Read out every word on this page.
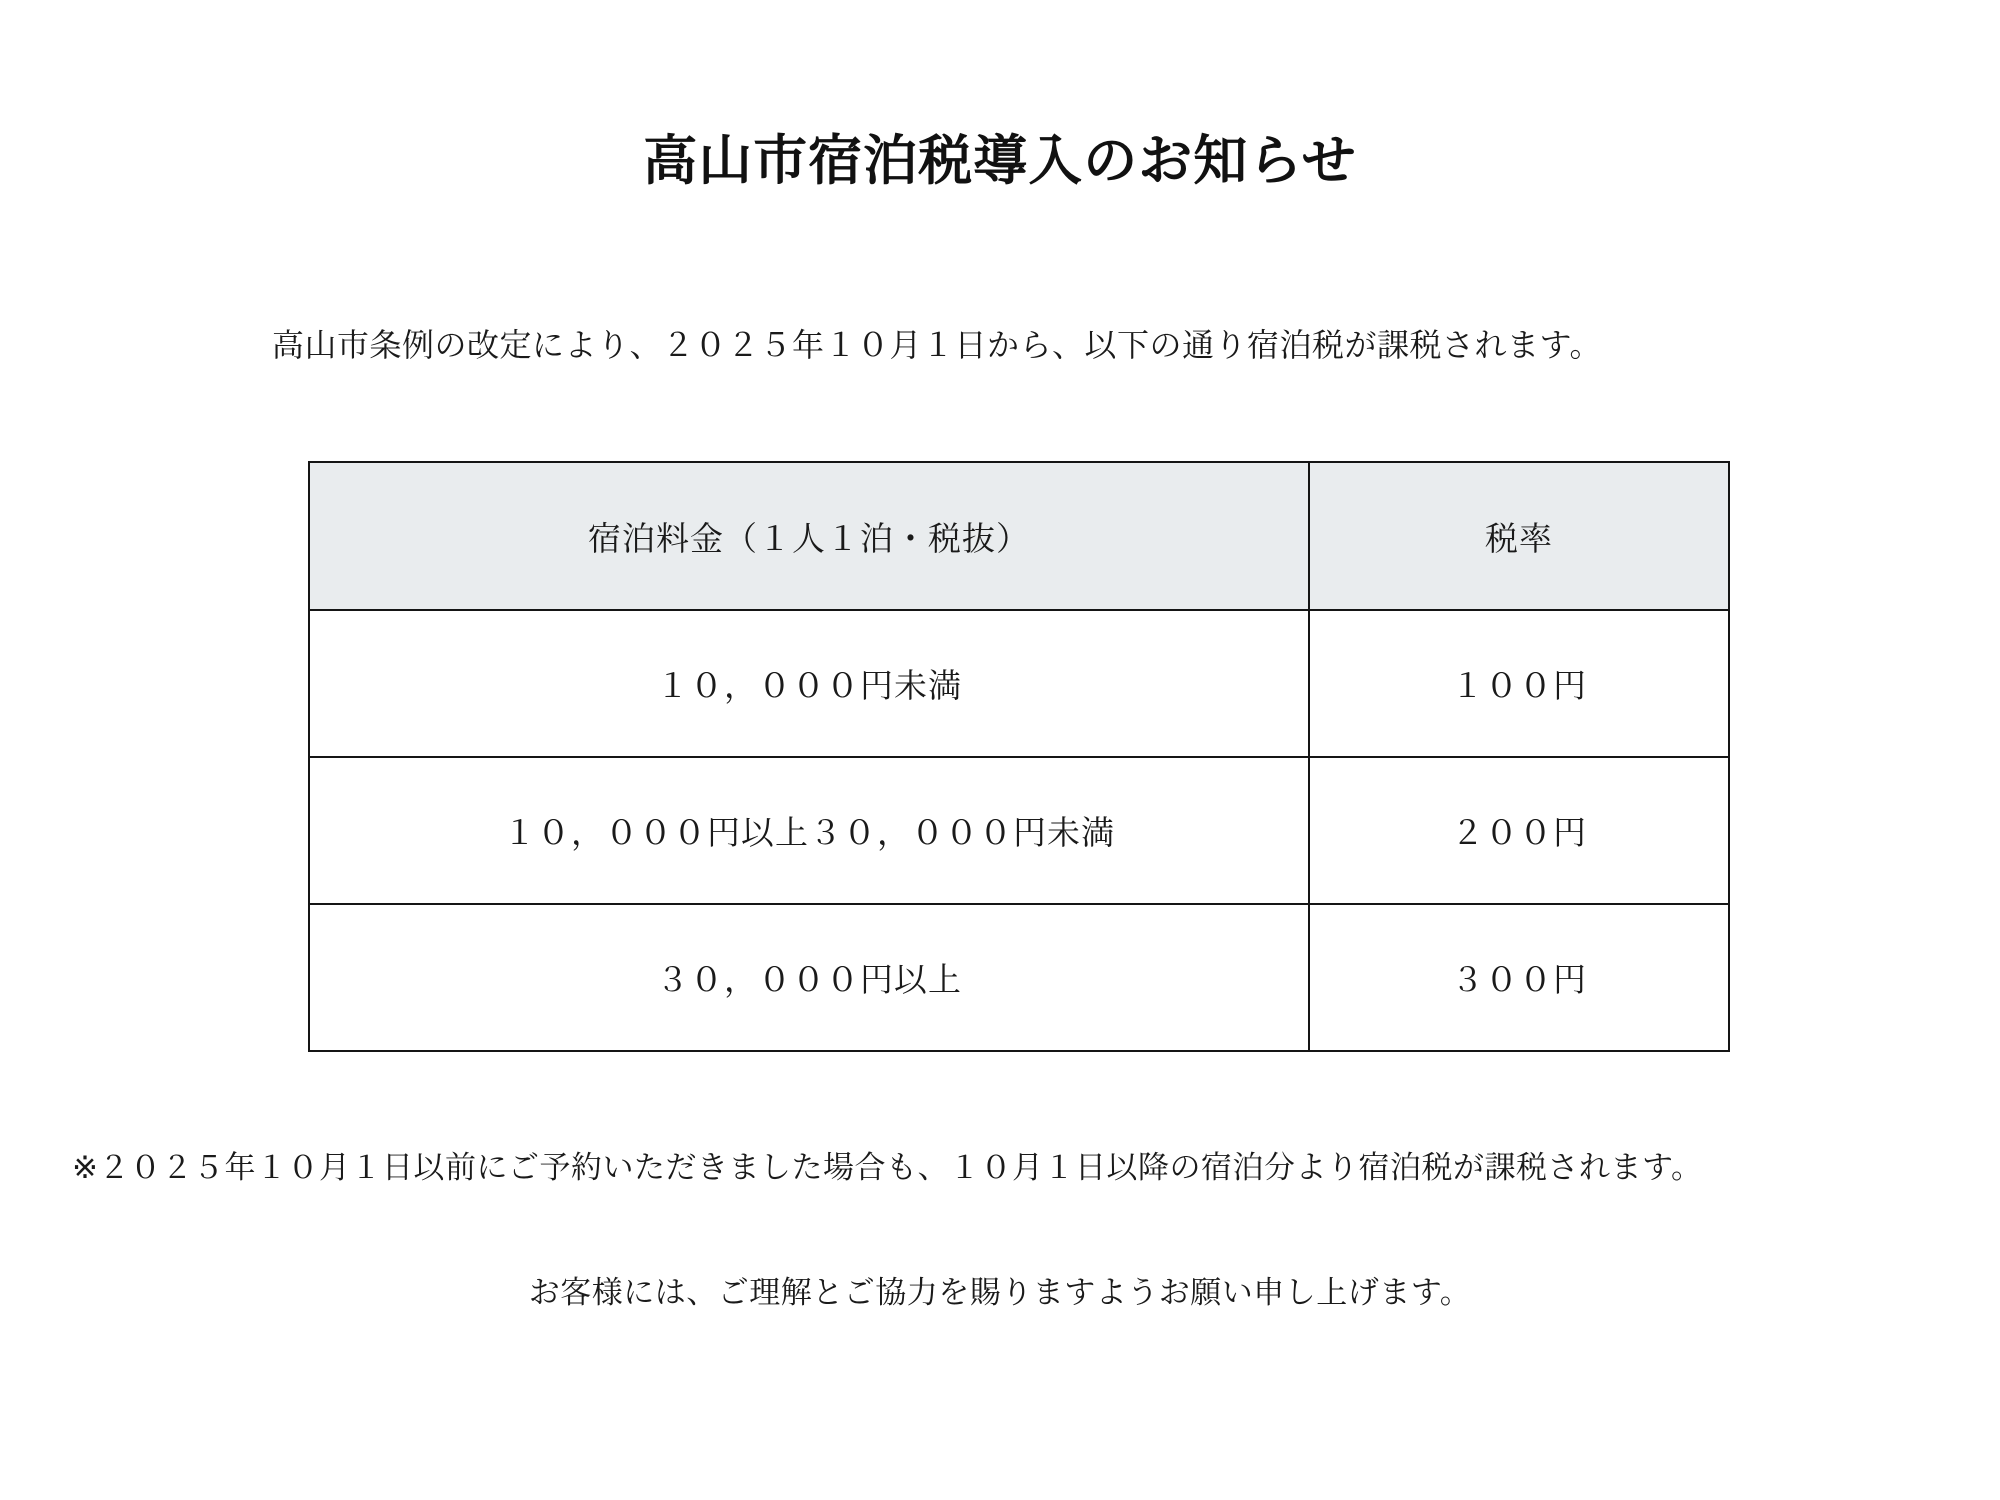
高山市宿泊税導入のお知らせ

高山市条例の改定により、２０２５年１０月１日から、以下の通り宿泊税が課税されます。

宿泊料金（１人１泊・税抜）	税率
１０，０００円未満	１００円
１０，０００円以上３０，０００円未満	２００円
３０，０００円以上	３００円

※２０２５年１０月１日以前にご予約いただきました場合も、１０月１日以降の宿泊分より宿泊税が課税されます。

お客様には、ご理解とご協力を賜りますようお願い申し上げます。
